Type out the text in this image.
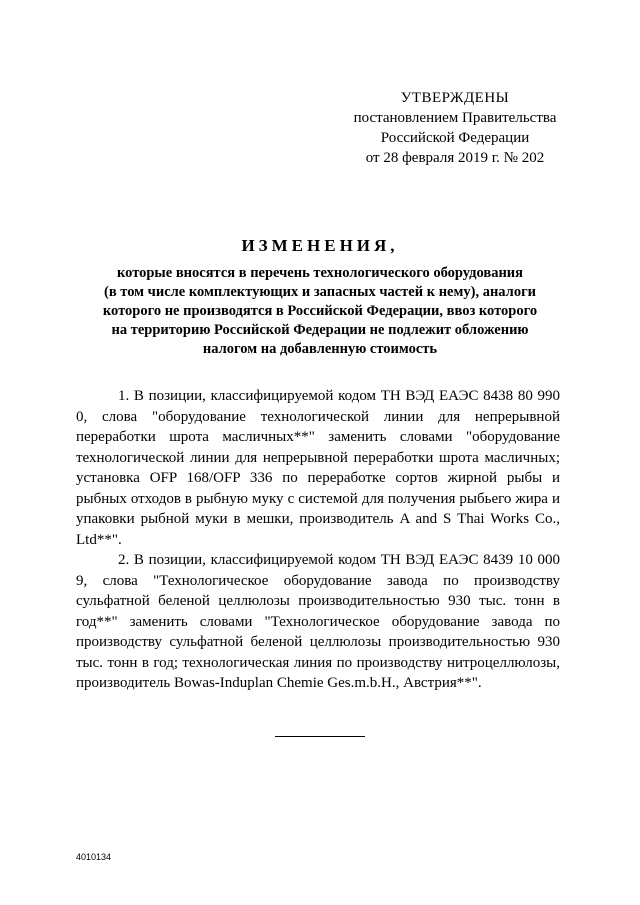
УТВЕРЖДЕНЫ
постановлением Правительства
Российской Федерации
от 28 февраля 2019 г. № 202
ИЗМЕНЕНИЯ,
которые вносятся в перечень технологического оборудования
(в том числе комплектующих и запасных частей к нему), аналоги
которого не производятся в Российской Федерации, ввоз которого
на территорию Российской Федерации не подлежит обложению
налогом на добавленную стоимость

1. В позиции, классифицируемой кодом ТН ВЭД ЕАЭС 8438 80 990 0, слова "оборудование технологической линии для непрерывной переработки шрота масличных**" заменить словами "оборудование технологической линии для непрерывной переработки шрота масличных; установка OFP 168/OFP 336 по переработке сортов жирной рыбы и рыбных отходов в рыбную муку с системой для получения рыбьего жира и упаковки рыбной муки в мешки, производитель A and S Thai Works Co., Ltd**".

2. В позиции, классифицируемой кодом ТН ВЭД ЕАЭС 8439 10 000 9, слова "Технологическое оборудование завода по производству сульфатной беленой целлюлозы производительностью 930 тыс. тонн в год**" заменить словами "Технологическое оборудование завода по производству сульфатной беленой целлюлозы производительностью 930 тыс. тонн в год; технологическая линия по производству нитроцеллюлозы, производитель Bowas-Induplan Chemie Ges.m.b.H., Австрия**".

4010134
